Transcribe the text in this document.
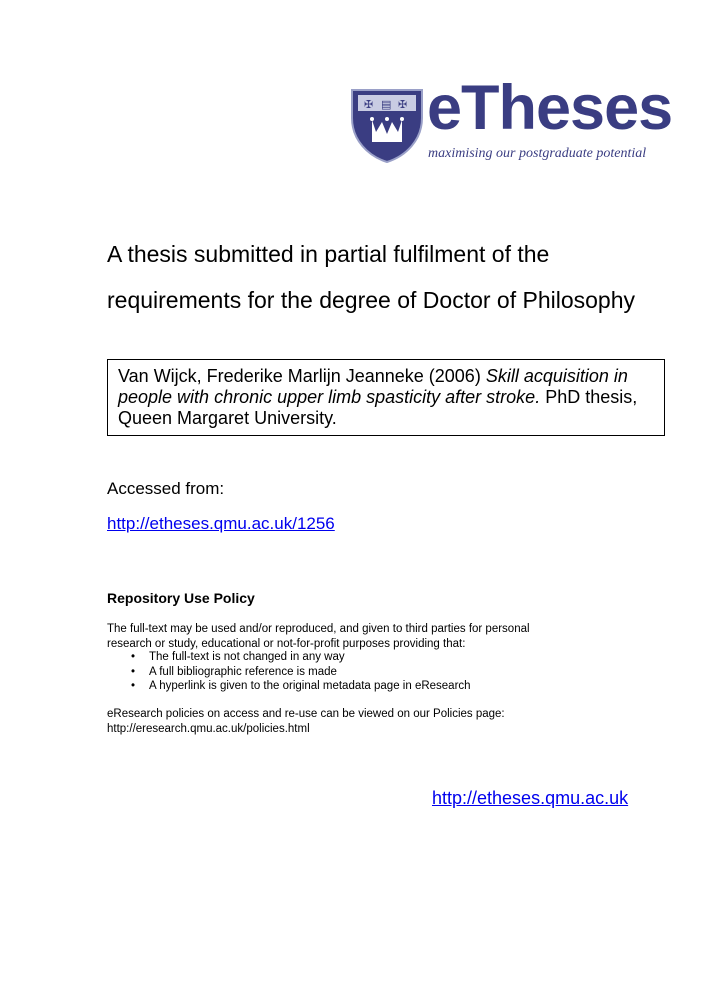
✠ ▤ ✠ eTheses
maximising our postgraduate potential
A thesis submitted in partial fulfilment of the
requirements for the degree of Doctor of Philosophy
Van Wijck, Frederike Marlijn Jeanneke (2006) Skill acquisition in people with chronic upper limb spasticity after stroke. PhD thesis, Queen Margaret University.
Accessed from:
http://etheses.qmu.ac.uk/1256
Repository Use Policy
The full-text may be used and/or reproduced, and given to third parties for personal
research or study, educational or not-for-profit purposes providing that:
• The full-text is not changed in any way
• A full bibliographic reference is made
• A hyperlink is given to the original metadata page in eResearch
eResearch policies on access and re-use can be viewed on our Policies page:
http://eresearch.qmu.ac.uk/policies.html
http://etheses.qmu.ac.uk
